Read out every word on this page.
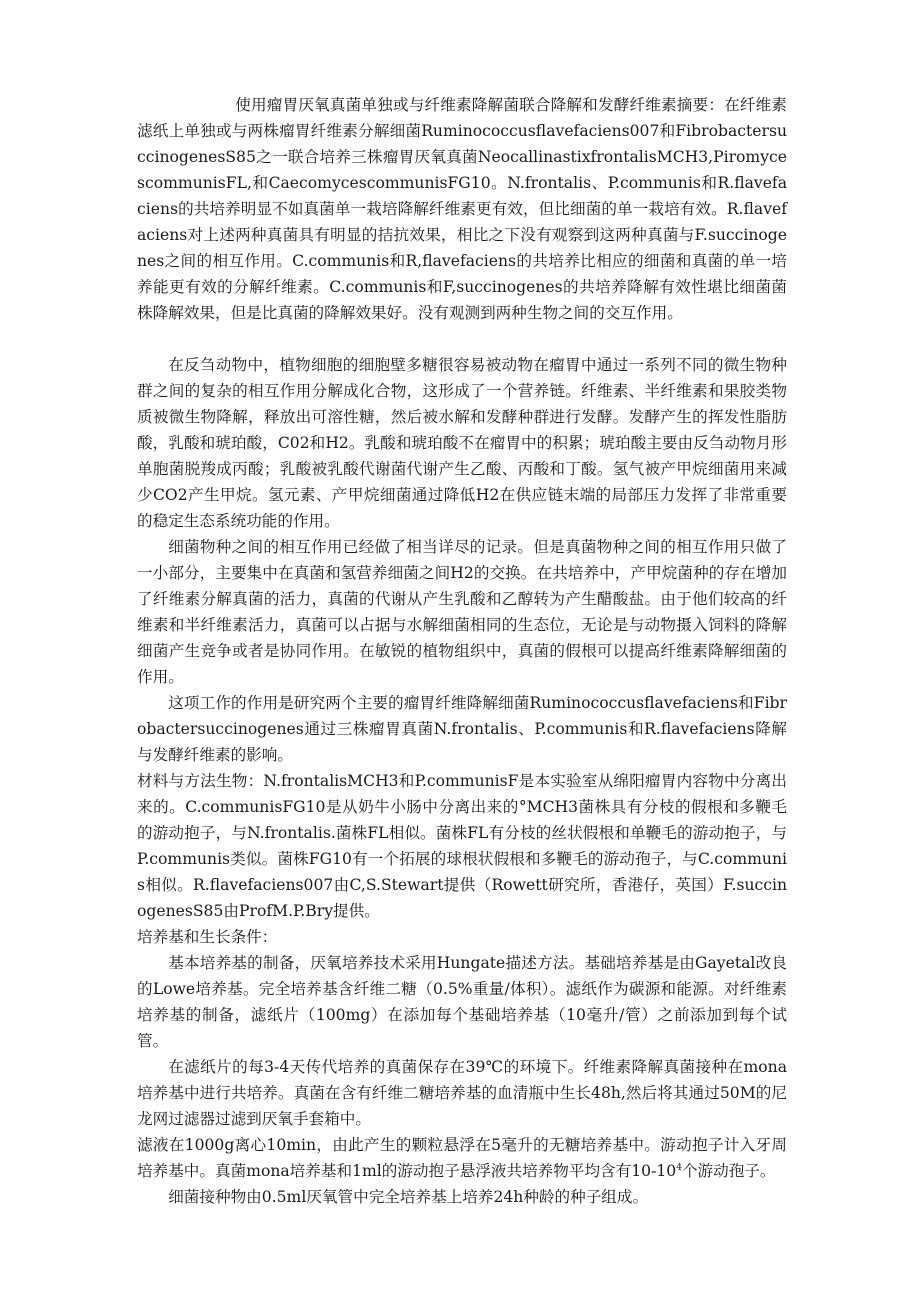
使用瘤胃厌氧真菌单独或与纤维素降解菌联合降解和发酵纤维素摘要：在纤维素滤纸上单独或与两株瘤胃纤维素分解细菌Ruminococcusflavefaciens007和FibrobactersuccinogenesS85之一联合培养三株瘤胃厌氧真菌NeocallinastixfrontalisMCH3,PiromycescommunisFL,和CaecomycescommunisFG10。N.frontalis、P.communis和R.flavefaciens的共培养明显不如真菌单一栽培降解纤维素更有效，但比细菌的单一栽培有效。R.flavefaciens对上述两种真菌具有明显的拮抗效果，相比之下没有观察到这两种真菌与F.succinogenes之间的相互作用。C.communis和R,flavefaciens的共培养比相应的细菌和真菌的单一培养能更有效的分解纤维素。C.communis和F,succinogenes的共培养降解有效性堪比细菌菌株降解效果，但是比真菌的降解效果好。没有观测到两种生物之间的交互作用。

在反刍动物中，植物细胞的细胞壁多糖很容易被动物在瘤胃中通过一系列不同的微生物种群之间的复杂的相互作用分解成化合物，这形成了一个营养链。纤维素、半纤维素和果胶类物质被微生物降解，释放出可溶性糖，然后被水解和发酵种群进行发酵。发酵产生的挥发性脂肪酸，乳酸和琥珀酸，C02和H2。乳酸和琥珀酸不在瘤胃中的积累；琥珀酸主要由反刍动物月形单胞菌脱羧成丙酸；乳酸被乳酸代谢菌代谢产生乙酸、丙酸和丁酸。氢气被产甲烷细菌用来减少CO2产生甲烷。氢元素、产甲烷细菌通过降低H2在供应链末端的局部压力发挥了非常重要的稳定生态系统功能的作用。

细菌物种之间的相互作用已经做了相当详尽的记录。但是真菌物种之间的相互作用只做了一小部分，主要集中在真菌和氢营养细菌之间H2的交换。在共培养中，产甲烷菌种的存在增加了纤维素分解真菌的活力，真菌的代谢从产生乳酸和乙醇转为产生醋酸盐。由于他们较高的纤维素和半纤维素活力，真菌可以占据与水解细菌相同的生态位，无论是与动物摄入饲料的降解细菌产生竞争或者是协同作用。在敏锐的植物组织中，真菌的假根可以提高纤维素降解细菌的作用。

这项工作的作用是研究两个主要的瘤胃纤维降解细菌Ruminococcusflavefaciens和Fibrobactersuccinogenes通过三株瘤胃真菌N.frontalis、P.communis和R.flavefaciens降解与发酵纤维素的影响。

材料与方法生物：N.frontalisMCH3和P.communisF是本实验室从绵阳瘤胃内容物中分离出来的。C.communisFG10是从奶牛小肠中分离出来的°MCH3菌株具有分枝的假根和多鞭毛的游动抱子，与N.frontalis.菌株FL相似。菌株FL有分枝的丝状假根和单鞭毛的游动抱子，与P.communis类似。菌株FG10有一个拓展的球根状假根和多鞭毛的游动孢子，与C.communis相似。R.flavefaciens007由C,S.Stewart提供（Rowett研究所，香港仔，英国）F.succinogenesS85由ProfM.P.Bry提供。

培养基和生长条件：

基本培养基的制备，厌氧培养技术采用Hungate描述方法。基础培养基是由Gayetal改良的Lowe培养基。完全培养基含纤维二糖（0.5%重量/体积）。滤纸作为碳源和能源。对纤维素培养基的制备，滤纸片（100mg）在添加每个基础培养基（10毫升/管）之前添加到每个试管。

在滤纸片的每3-4天传代培养的真菌保存在39℃的环境下。纤维素降解真菌接种在mona培养基中进行共培养。真菌在含有纤维二糖培养基的血清瓶中生长48h,然后将其通过50M的尼龙网过滤器过滤到厌氧手套箱中。

滤液在1000g离心10min，由此产生的颗粒悬浮在5毫升的无糖培养基中。游动抱子计入牙周培养基中。真菌mona培养基和1ml的游动抱子悬浮液共培养物平均含有$10-10^4$个游动孢子。

细菌接种物由0.5ml厌氧管中完全培养基上培养24h种龄的种子组成。
